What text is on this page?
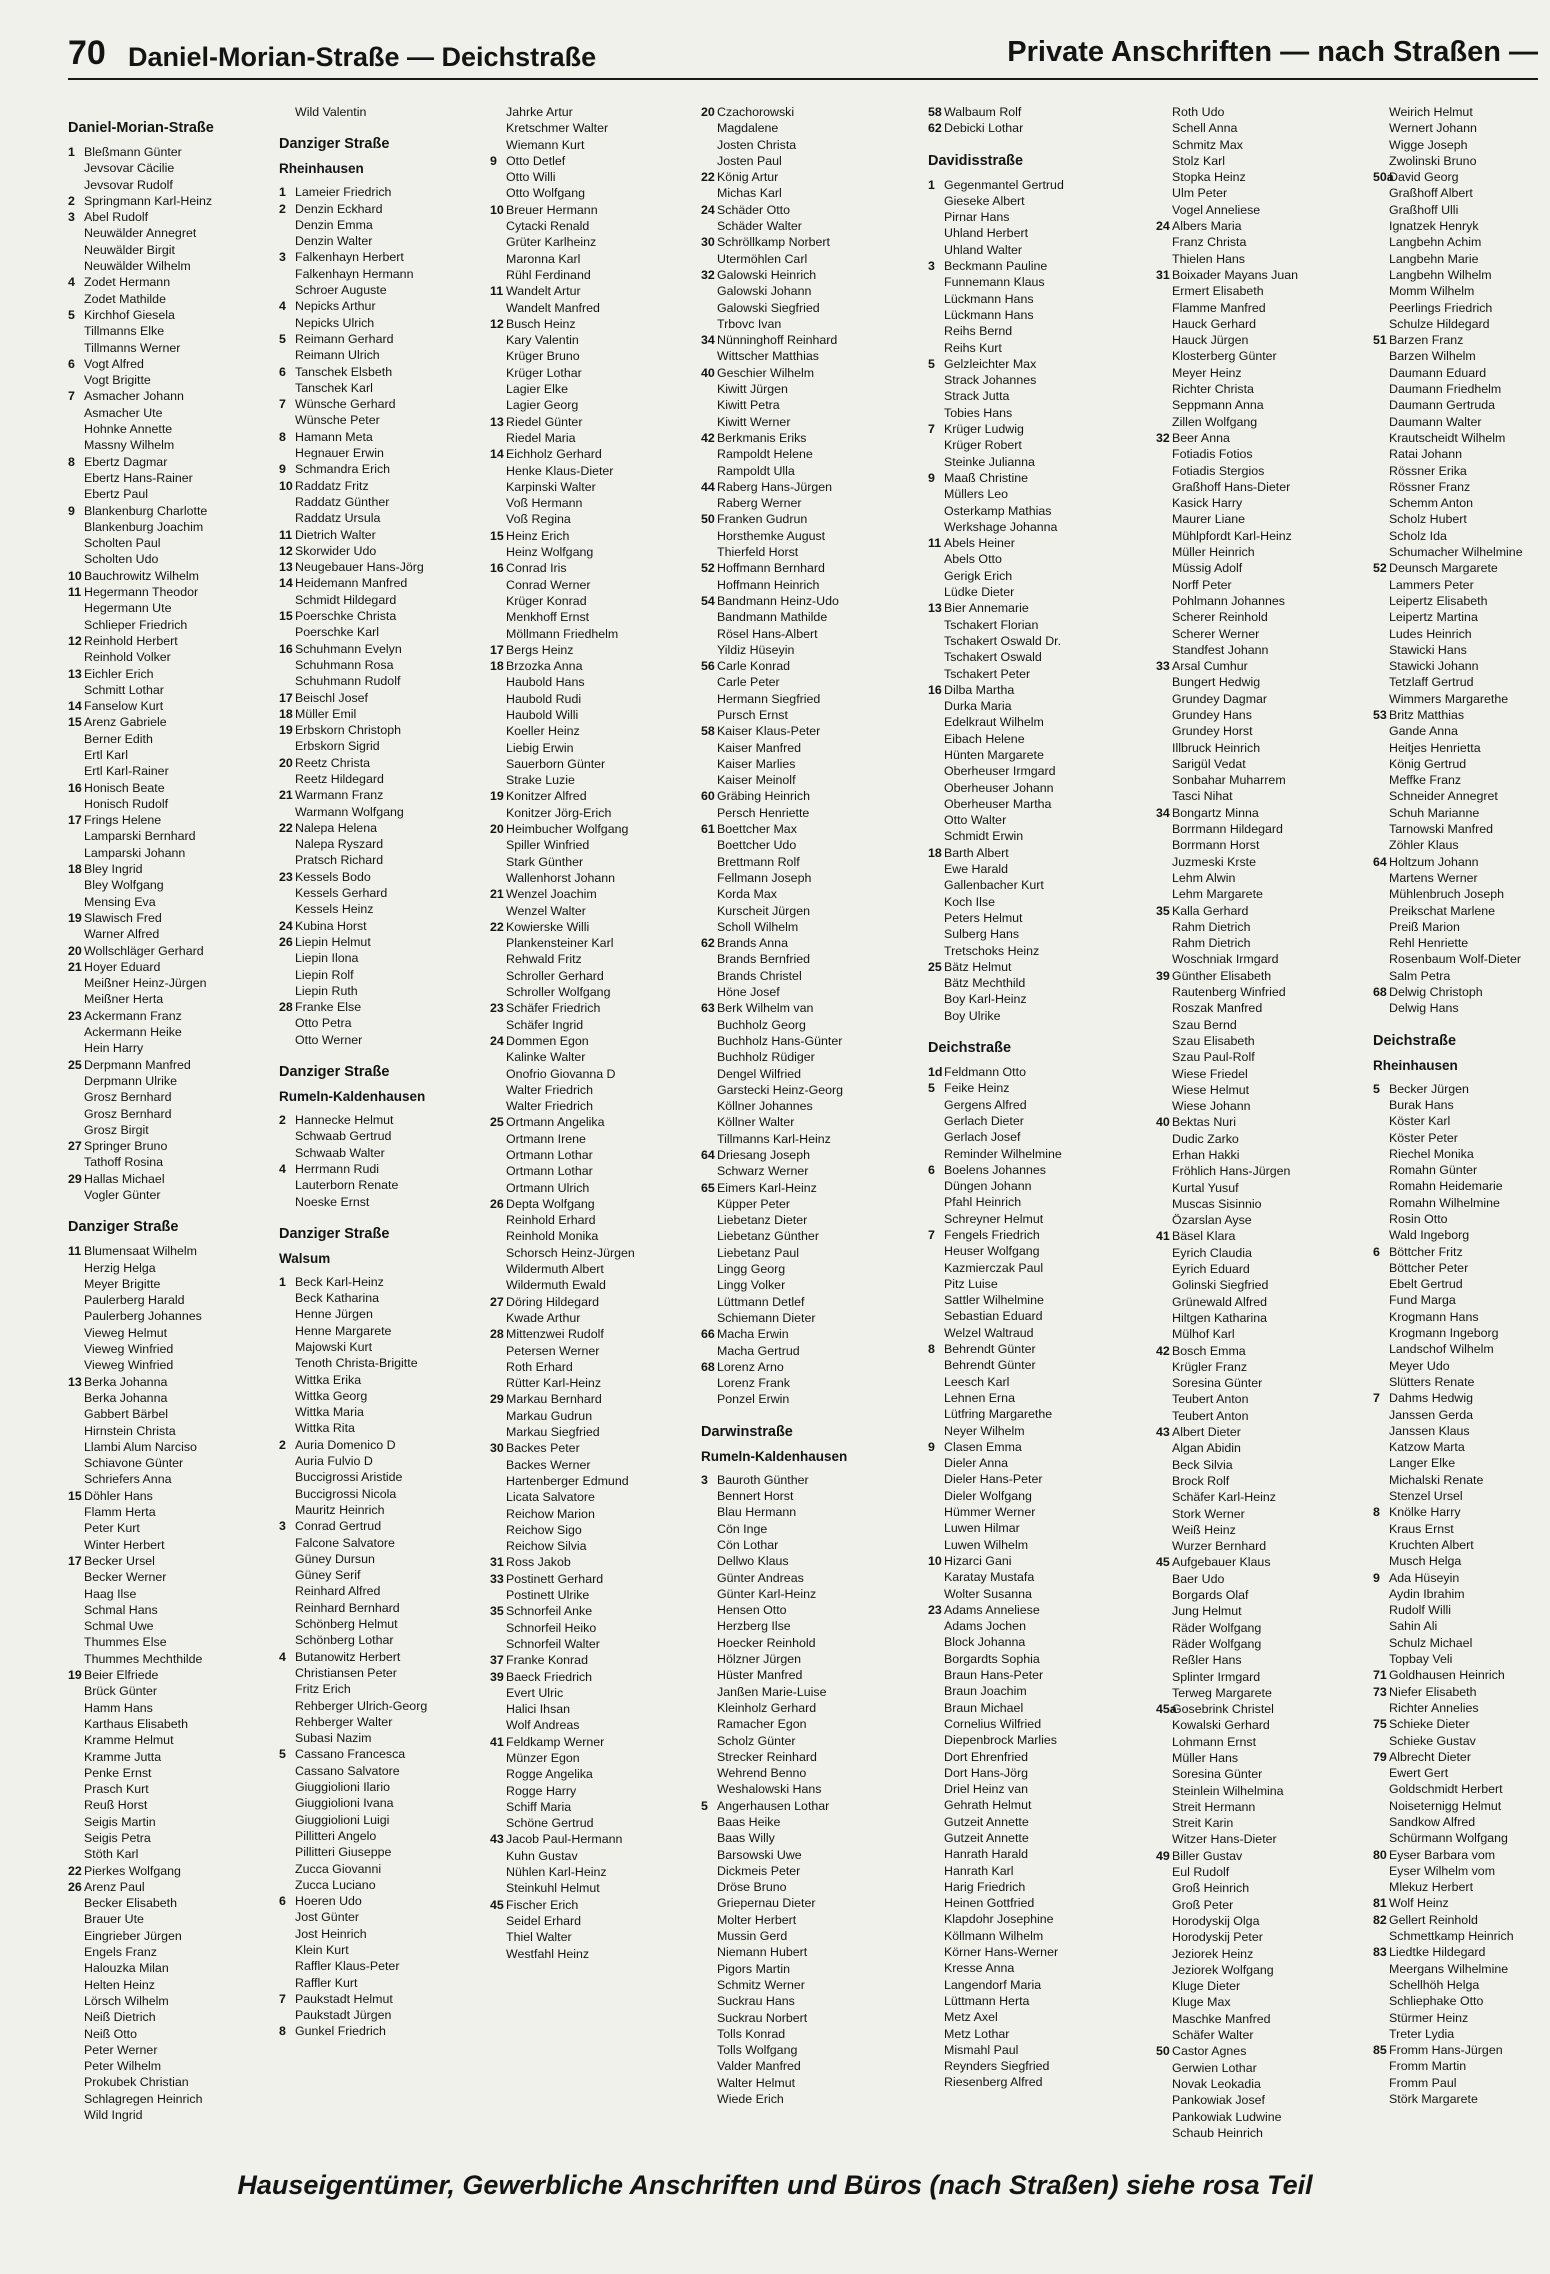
70 Daniel-Morian-Straße — Deichstraße	Private Anschriften — nach Straßen —
Daniel-Morian-Straße
1 Bleßmann Günter
Jevsovar Cäcilie
Jevsovar Rudolf
2 Springmann Karl-Heinz
3 Abel Rudolf
Neuwälder Annegret
Neuwälder Birgit
Neuwälder Wilhelm
4 Zodet Hermann
Zodet Mathilde
5 Kirchhof Giesela
Tillmanns Elke
Tillmanns Werner
6 Vogt Alfred
Vogt Brigitte
7 Asmacher Johann
Asmacher Ute
Hohnke Annette
Massny Wilhelm
8 Ebertz Dagmar
Ebertz Hans-Rainer
Ebertz Paul
9 Blankenburg Charlotte
Blankenburg Joachim
Scholten Paul
Scholten Udo
10 Bauchrowitz Wilhelm
11 Hegermann Theodor
Hegermann Ute
Schlieper Friedrich
12 Reinhold Herbert
Reinhold Volker
13 Eichler Erich
Schmitt Lothar
14 Fanselow Kurt
15 Arenz Gabriele
Berner Edith
Ertl Karl
Ertl Karl-Rainer
16 Honisch Beate
Honisch Rudolf
17 Frings Helene
Lamparski Bernhard
Lamparski Johann
18 Bley Ingrid
Bley Wolfgang
Mensing Eva
19 Slawisch Fred
Warner Alfred
20 Wollschläger Gerhard
21 Hoyer Eduard
Meißner Heinz-Jürgen
Meißner Herta
23 Ackermann Franz
Ackermann Heike
Hein Harry
25 Derpmann Manfred
Derpmann Ulrike
Grosz Bernhard
Grosz Bernhard
Grosz Birgit
27 Springer Bruno
Tathoff Rosina
29 Hallas Michael
Vogler Günter
Danziger Straße
11 Blumensaat Wilhelm
Herzig Helga
Meyer Brigitte
Paulerberg Harald
Paulerberg Johannes
Vieweg Helmut
Vieweg Winfried
Vieweg Winfried
13 Berka Johanna
Berka Johanna
Gabbert Bärbel
Hirnstein Christa
Llambi Alum Narciso
Schiavone Günter
Schriefers Anna
15 Döhler Hans
Flamm Herta
Peter Kurt
Winter Herbert
17 Becker Ursel
Becker Werner
Haag Ilse
Schmal Hans
Schmal Uwe
Thummes Else
Thummes Mechthilde
19 Beier Elfriede
Brück Günter
Hamm Hans
Karthaus Elisabeth
Kramme Helmut
Kramme Jutta
Penke Ernst
Prasch Kurt
Reuß Horst
Seigis Martin
Seigis Petra
Stöth Karl
22 Pierkes Wolfgang
26 Arenz Paul
Becker Elisabeth
Brauer Ute
Eingrieber Jürgen
Engels Franz
Halouzka Milan
Helten Heinz
Lörsch Wilhelm
Neiß Dietrich
Neiß Otto
Peter Werner
Peter Wilhelm
Prokubek Christian
Schlagregen Heinrich
Wild Ingrid
Wild Valentin
Danziger Straße
Rheinhausen
1 Lameier Friedrich
2 Denzin Eckhard
Denzin Emma
Denzin Walter
3 Falkenhayn Herbert
Falkenhayn Hermann
Schroer Auguste
4 Nepicks Arthur
Nepicks Ulrich
5 Reimann Gerhard
Reimann Ulrich
6 Tanschek Elsbeth
Tanschek Karl
7 Wünsche Gerhard
Wünsche Peter
8 Hamann Meta
Hegnauer Erwin
9 Schmandra Erich
10 Raddatz Fritz
Raddatz Günther
Raddatz Ursula
11 Dietrich Walter
12 Skorwider Udo
13 Neugebauer Hans-Jörg
14 Heidemann Manfred
Schmidt Hildegard
15 Poerschke Christa
Poerschke Karl
16 Schuhmann Evelyn
Schuhmann Rosa
Schuhmann Rudolf
17 Beischl Josef
18 Müller Emil
19 Erbskorn Christoph
Erbskorn Sigrid
20 Reetz Christa
Reetz Hildegard
21 Warmann Franz
Warmann Wolfgang
22 Nalepa Helena
Nalepa Ryszard
Pratsch Richard
23 Kessels Bodo
Kessels Gerhard
Kessels Heinz
24 Kubina Horst
26 Liepin Helmut
Liepin Ilona
Liepin Rolf
Liepin Ruth
28 Franke Else
Otto Petra
Otto Werner
Danziger Straße
Rumeln-Kaldenhausen
2 Hannecke Helmut
Schwaab Gertrud
Schwaab Walter
4 Herrmann Rudi
Lauterborn Renate
Noeske Ernst
Danziger Straße
Walsum
1 Beck Karl-Heinz
Beck Katharina
Henne Jürgen
Henne Margarete
Majowski Kurt
Tenoth Christa-Brigitte
Wittka Erika
Wittka Georg
Wittka Maria
Wittka Rita
2 Auria Domenico D
Auria Fulvio D
Buccigrossi Aristide
Buccigrossi Nicola
Mauritz Heinrich
3 Conrad Gertrud
Falcone Salvatore
Güney Dursun
Güney Serif
Reinhard Alfred
Reinhard Bernhard
Schönberg Helmut
Schönberg Lothar
4 Butanowitz Herbert
Christiansen Peter
Fritz Erich
Rehberger Ulrich-Georg
Rehberger Walter
Subasi Nazim
5 Cassano Francesca
Cassano Salvatore
Giuggiolioni Ilario
Giuggiolioni Ivana
Giuggiolioni Luigi
Pillitteri Angelo
Pillitteri Giuseppe
Zucca Giovanni
Zucca Luciano
6 Hoeren Udo
Jost Günter
Jost Heinrich
Klein Kurt
Raffler Klaus-Peter
Raffler Kurt
7 Paukstadt Helmut
Paukstadt Jürgen
8 Gunkel Friedrich
Jahrke Artur
Kretschmer Walter
Wiemann Kurt
9 Otto Detlef
Otto Willi
Otto Wolfgang
10 Breuer Hermann
Cytacki Renald
Grüter Karlheinz
Maronna Karl
Rühl Ferdinand
11 Wandelt Artur
Wandelt Manfred
12 Busch Heinz
Kary Valentin
Krüger Bruno
Krüger Lothar
Lagier Elke
Lagier Georg
13 Riedel Günter
Riedel Maria
14 Eichholz Gerhard
Henke Klaus-Dieter
Karpinski Walter
Voß Hermann
Voß Regina
15 Heinz Erich
Heinz Wolfgang
16 Conrad Iris
Conrad Werner
Krüger Konrad
Menkhoff Ernst
Möllmann Friedhelm
17 Bergs Heinz
18 Brzozka Anna
Haubold Hans
Haubold Rudi
Haubold Willi
Koeller Heinz
Liebig Erwin
Sauerborn Günter
Strake Luzie
19 Konitzer Alfred
Konitzer Jörg-Erich
20 Heimbucher Wolfgang
Spiller Winfried
Stark Günther
Wallenhorst Johann
21 Wenzel Joachim
Wenzel Walter
22 Kowierske Willi
Plankensteiner Karl
Rehwald Fritz
Schroller Gerhard
Schroller Wolfgang
23 Schäfer Friedrich
Schäfer Ingrid
24 Dommen Egon
Kalinke Walter
Onofrio Giovanna D
Walter Friedrich
Walter Friedrich
25 Ortmann Angelika
Ortmann Irene
Ortmann Lothar
Ortmann Lothar
Ortmann Ulrich
26 Depta Wolfgang
Reinhold Erhard
Reinhold Monika
Schorsch Heinz-Jürgen
Wildermuth Albert
Wildermuth Ewald
27 Döring Hildegard
Kwade Arthur
28 Mittenzwei Rudolf
Petersen Werner
Roth Erhard
Rütter Karl-Heinz
29 Markau Bernhard
Markau Gudrun
Markau Siegfried
30 Backes Peter
Backes Werner
Hartenberger Edmund
Licata Salvatore
Reichow Marion
Reichow Sigo
Reichow Silvia
31 Ross Jakob
33 Postinett Gerhard
Postinett Ulrike
35 Schnorfeil Anke
Schnorfeil Heiko
Schnorfeil Walter
37 Franke Konrad
39 Baeck Friedrich
Evert Ulric
Halici Ihsan
Wolf Andreas
41 Feldkamp Werner
Münzer Egon
Rogge Angelika
Rogge Harry
Schiff Maria
Schöne Gertrud
43 Jacob Paul-Hermann
Kuhn Gustav
Nühlen Karl-Heinz
Steinkuhl Helmut
45 Fischer Erich
Seidel Erhard
Thiel Walter
Westfahl Heinz
20 Czachorowski
Magdalene
Josten Christa
Josten Paul
22 König Artur
Michas Karl
24 Schäder Otto
Schäder Walter
30 Schröllkamp Norbert
Utermöhlen Carl
32 Galowski Heinrich
Galowski Johann
Galowski Siegfried
Trbovc Ivan
34 Nünninghoff Reinhard
Wittscher Matthias
40 Geschier Wilhelm
Kiwitt Jürgen
Kiwitt Petra
Kiwitt Werner
42 Berkmanis Eriks
Rampoldt Helene
Rampoldt Ulla
44 Raberg Hans-Jürgen
Raberg Werner
50 Franken Gudrun
Horsthemke August
Thierfeld Horst
52 Hoffmann Bernhard
Hoffmann Heinrich
54 Bandmann Heinz-Udo
Bandmann Mathilde
Rösel Hans-Albert
Yildiz Hüseyin
56 Carle Konrad
Carle Peter
Hermann Siegfried
Pursch Ernst
58 Kaiser Klaus-Peter
Kaiser Manfred
Kaiser Marlies
Kaiser Meinolf
60 Gräbing Heinrich
Persch Henriette
61 Boettcher Max
Boettcher Udo
Brettmann Rolf
Fellmann Joseph
Korda Max
Kurscheit Jürgen
Scholl Wilhelm
62 Brands Anna
Brands Bernfried
Brands Christel
Höne Josef
63 Berk Wilhelm van
Buchholz Georg
Buchholz Hans-Günter
Buchholz Rüdiger
Dengel Wilfried
Garstecki Heinz-Georg
Köllner Johannes
Köllner Walter
Tillmanns Karl-Heinz
64 Driesang Joseph
Schwarz Werner
65 Eimers Karl-Heinz
Küpper Peter
Liebetanz Dieter
Liebetanz Günther
Liebetanz Paul
Lingg Georg
Lingg Volker
Lüttmann Detlef
Schiemann Dieter
66 Macha Erwin
Macha Gertrud
68 Lorenz Arno
Lorenz Frank
Ponzel Erwin
Darwinstraße
Rumeln-Kaldenhausen
3 Bauroth Günther
Bennert Horst
Blau Hermann
Cön Inge
Cön Lothar
Dellwo Klaus
Günter Andreas
Günter Karl-Heinz
Hensen Otto
Herzberg Ilse
Hoecker Reinhold
Hölzner Jürgen
Hüster Manfred
Janßen Marie-Luise
Kleinholz Gerhard
Ramacher Egon
Scholz Günter
Strecker Reinhard
Wehrend Benno
Weshalowski Hans
5 Angerhausen Lothar
Baas Heike
Baas Willy
Barsowski Uwe
Dickmeis Peter
Dröse Bruno
Griepernau Dieter
Molter Herbert
Mussin Gerd
Niemann Hubert
Pigors Martin
Schmitz Werner
Suckrau Hans
Suckrau Norbert
Tolls Konrad
Tolls Wolfgang
Valder Manfred
Walter Helmut
Wiede Erich
58 Walbaum Rolf
62 Debicki Lothar
Davidisstraße
1 Gegenmantel Gertrud
Gieseke Albert
Pirnar Hans
Uhland Herbert
Uhland Walter
3 Beckmann Pauline
Funnemann Klaus
Lückmann Hans
Lückmann Hans
Reihs Bernd
Reihs Kurt
5 Gelzleichter Max
Strack Johannes
Strack Jutta
Tobies Hans
7 Krüger Ludwig
Krüger Robert
Steinke Julianna
9 Maaß Christine
Müllers Leo
Osterkamp Mathias
Werkshage Johanna
11 Abels Heiner
Abels Otto
Gerigk Erich
Lüdke Dieter
13 Bier Annemarie
Tschakert Florian
Tschakert Oswald Dr.
Tschakert Oswald
Tschakert Peter
16 Dilba Martha
Durka Maria
Edelkraut Wilhelm
Eibach Helene
Hünten Margarete
Oberheuser Irmgard
Oberheuser Johann
Oberheuser Martha
Otto Walter
Schmidt Erwin
18 Barth Albert
Ewe Harald
Gallenbacher Kurt
Koch Ilse
Peters Helmut
Sulberg Hans
Tretschoks Heinz
25 Bätz Helmut
Bätz Mechthild
Boy Karl-Heinz
Boy Ulrike
Deichstraße
1d Feldmann Otto
5 Feike Heinz
Gergens Alfred
Gerlach Dieter
Gerlach Josef
Reminder Wilhelmine
6 Boelens Johannes
Düngen Johann
Pfahl Heinrich
Schreyner Helmut
7 Fengels Friedrich
Heuser Wolfgang
Kazmierczak Paul
Pitz Luise
Sattler Wilhelmine
Sebastian Eduard
Welzel Waltraud
8 Behrendt Günter
Behrendt Günter
Leesch Karl
Lehnen Erna
Lütfring Margarethe
Neyer Wilhelm
9 Clasen Emma
Dieler Anna
Dieler Hans-Peter
Dieler Wolfgang
Hümmer Werner
Luwen Hilmar
Luwen Wilhelm
10 Hizarci Gani
Karatay Mustafa
Wolter Susanna
23 Adams Anneliese
Adams Jochen
Block Johanna
Borgardts Sophia
Braun Hans-Peter
Braun Joachim
Braun Michael
Cornelius Wilfried
Diepenbrock Marlies
Dort Ehrenfried
Dort Hans-Jörg
Driel Heinz van
Gehrath Helmut
Gutzeit Annette
Gutzeit Annette
Hanrath Harald
Hanrath Karl
Harig Friedrich
Heinen Gottfried
Klapdohr Josephine
Köllmann Wilhelm
Körner Hans-Werner
Kresse Anna
Langendorf Maria
Lüttmann Herta
Metz Axel
Metz Lothar
Mismahl Paul
Reynders Siegfried
Riesenberg Alfred
Roth Udo
Schell Anna
Schmitz Max
Stolz Karl
Stopka Heinz
Ulm Peter
Vogel Anneliese
24 Albers Maria
Franz Christa
Thielen Hans
31 Boixader Mayans Juan
Ermert Elisabeth
Flamme Manfred
Hauck Gerhard
Hauck Jürgen
Klosterberg Günter
Meyer Heinz
Richter Christa
Seppmann Anna
Zillen Wolfgang
32 Beer Anna
Fotiadis Fotios
Fotiadis Stergios
Graßhoff Hans-Dieter
Kasick Harry
Maurer Liane
Mühlpfordt Karl-Heinz
Müller Heinrich
Müssig Adolf
Norff Peter
Pohlmann Johannes
Scherer Reinhold
Scherer Werner
Standfest Johann
33 Arsal Cumhur
Bungert Hedwig
Grundey Dagmar
Grundey Hans
Grundey Horst
Illbruck Heinrich
Sarigül Vedat
Sonbahar Muharrem
Tasci Nihat
34 Bongartz Minna
Borrmann Hildegard
Borrmann Horst
Juzmeski Krste
Lehm Alwin
Lehm Margarete
35 Kalla Gerhard
Rahm Dietrich
Rahm Dietrich
Woschniak Irmgard
39 Günther Elisabeth
Rautenberg Winfried
Roszak Manfred
Szau Bernd
Szau Elisabeth
Szau Paul-Rolf
Wiese Friedel
Wiese Helmut
Wiese Johann
40 Bektas Nuri
Dudic Zarko
Erhan Hakki
Fröhlich Hans-Jürgen
Kurtal Yusuf
Muscas Sisinnio
Özarslan Ayse
41 Bäsel Klara
Eyrich Claudia
Eyrich Eduard
Golinski Siegfried
Grünewald Alfred
Hiltgen Katharina
Mülhof Karl
42 Bosch Emma
Krügler Franz
Soresina Günter
Teubert Anton
Teubert Anton
43 Albert Dieter
Algan Abidin
Beck Silvia
Brock Rolf
Schäfer Karl-Heinz
Stork Werner
Weiß Heinz
Wurzer Bernhard
45 Aufgebauer Klaus
Baer Udo
Borgards Olaf
Jung Helmut
Räder Wolfgang
Räder Wolfgang
Reßler Hans
Splinter Irmgard
Terweg Margarete
45aGosebrink Christel
Kowalski Gerhard
Lohmann Ernst
Müller Hans
Soresina Günter
Steinlein Wilhelmina
Streit Hermann
Streit Karin
Witzer Hans-Dieter
49 Biller Gustav
Eul Rudolf
Groß Heinrich
Groß Peter
Horodyskij Olga
Horodyskij Peter
Jeziorek Heinz
Jeziorek Wolfgang
Kluge Dieter
Kluge Max
Maschke Manfred
Schäfer Walter
50 Castor Agnes
Gerwien Lothar
Novak Leokadia
Pankowiak Josef
Pankowiak Ludwine
Schaub Heinrich
Weirich Helmut
Wernert Johann
Wigge Joseph
Zwolinski Bruno
50aDavid Georg
Graßhoff Albert
Graßhoff Ulli
Ignatzek Henryk
Langbehn Achim
Langbehn Marie
Langbehn Wilhelm
Momm Wilhelm
Peerlings Friedrich
Schulze Hildegard
51 Barzen Franz
Barzen Wilhelm
Daumann Eduard
Daumann Friedhelm
Daumann Gertruda
Daumann Walter
Krautscheidt Wilhelm
Ratai Johann
Rössner Erika
Rössner Franz
Schemm Anton
Scholz Hubert
Scholz Ida
Schumacher Wilhelmine
52 Deunsch Margarete
Lammers Peter
Leipertz Elisabeth
Leipertz Martina
Ludes Heinrich
Stawicki Hans
Stawicki Johann
Tetzlaff Gertrud
Wimmers Margarethe
53 Britz Matthias
Gande Anna
Heitjes Henrietta
König Gertrud
Meffke Franz
Schneider Annegret
Schuh Marianne
Tarnowski Manfred
Zöhler Klaus
64 Holtzum Johann
Martens Werner
Mühlenbruch Joseph
Preikschat Marlene
Preiß Marion
Rehl Henriette
Rosenbaum Wolf-Dieter
Salm Petra
68 Delwig Christoph
Delwig Hans
Deichstraße
Rheinhausen
5 Becker Jürgen
Burak Hans
Köster Karl
Köster Peter
Riechel Monika
Romahn Günter
Romahn Heidemarie
Romahn Wilhelmine
Rosin Otto
Wald Ingeborg
6 Böttcher Fritz
Böttcher Peter
Ebelt Gertrud
Fund Marga
Krogmann Hans
Krogmann Ingeborg
Landschof Wilhelm
Meyer Udo
Slütters Renate
7 Dahms Hedwig
Janssen Gerda
Janssen Klaus
Katzow Marta
Langer Elke
Michalski Renate
Stenzel Ursel
8 Knölke Harry
Kraus Ernst
Kruchten Albert
Musch Helga
9 Ada Hüseyin
Aydin Ibrahim
Rudolf Willi
Sahin Ali
Schulz Michael
Topbay Veli
71 Goldhausen Heinrich
73 Niefer Elisabeth
Richter Annelies
75 Schieke Dieter
Schieke Gustav
79 Albrecht Dieter
Ewert Gert
Goldschmidt Herbert
Noiseternigg Helmut
Sandkow Alfred
Schürmann Wolfgang
80 Eyser Barbara vom
Eyser Wilhelm vom
Mlekuz Herbert
81 Wolf Heinz
82 Gellert Reinhold
Schmettkamp Heinrich
83 Liedtke Hildegard
Meergans Wilhelmine
Schellhöh Helga
Schliephake Otto
Stürmer Heinz
Treter Lydia
85 Fromm Hans-Jürgen
Fromm Martin
Fromm Paul
Störk Margarete
Hauseigentümer, Gewerbliche Anschriften und Büros (nach Straßen) siehe rosa Teil
